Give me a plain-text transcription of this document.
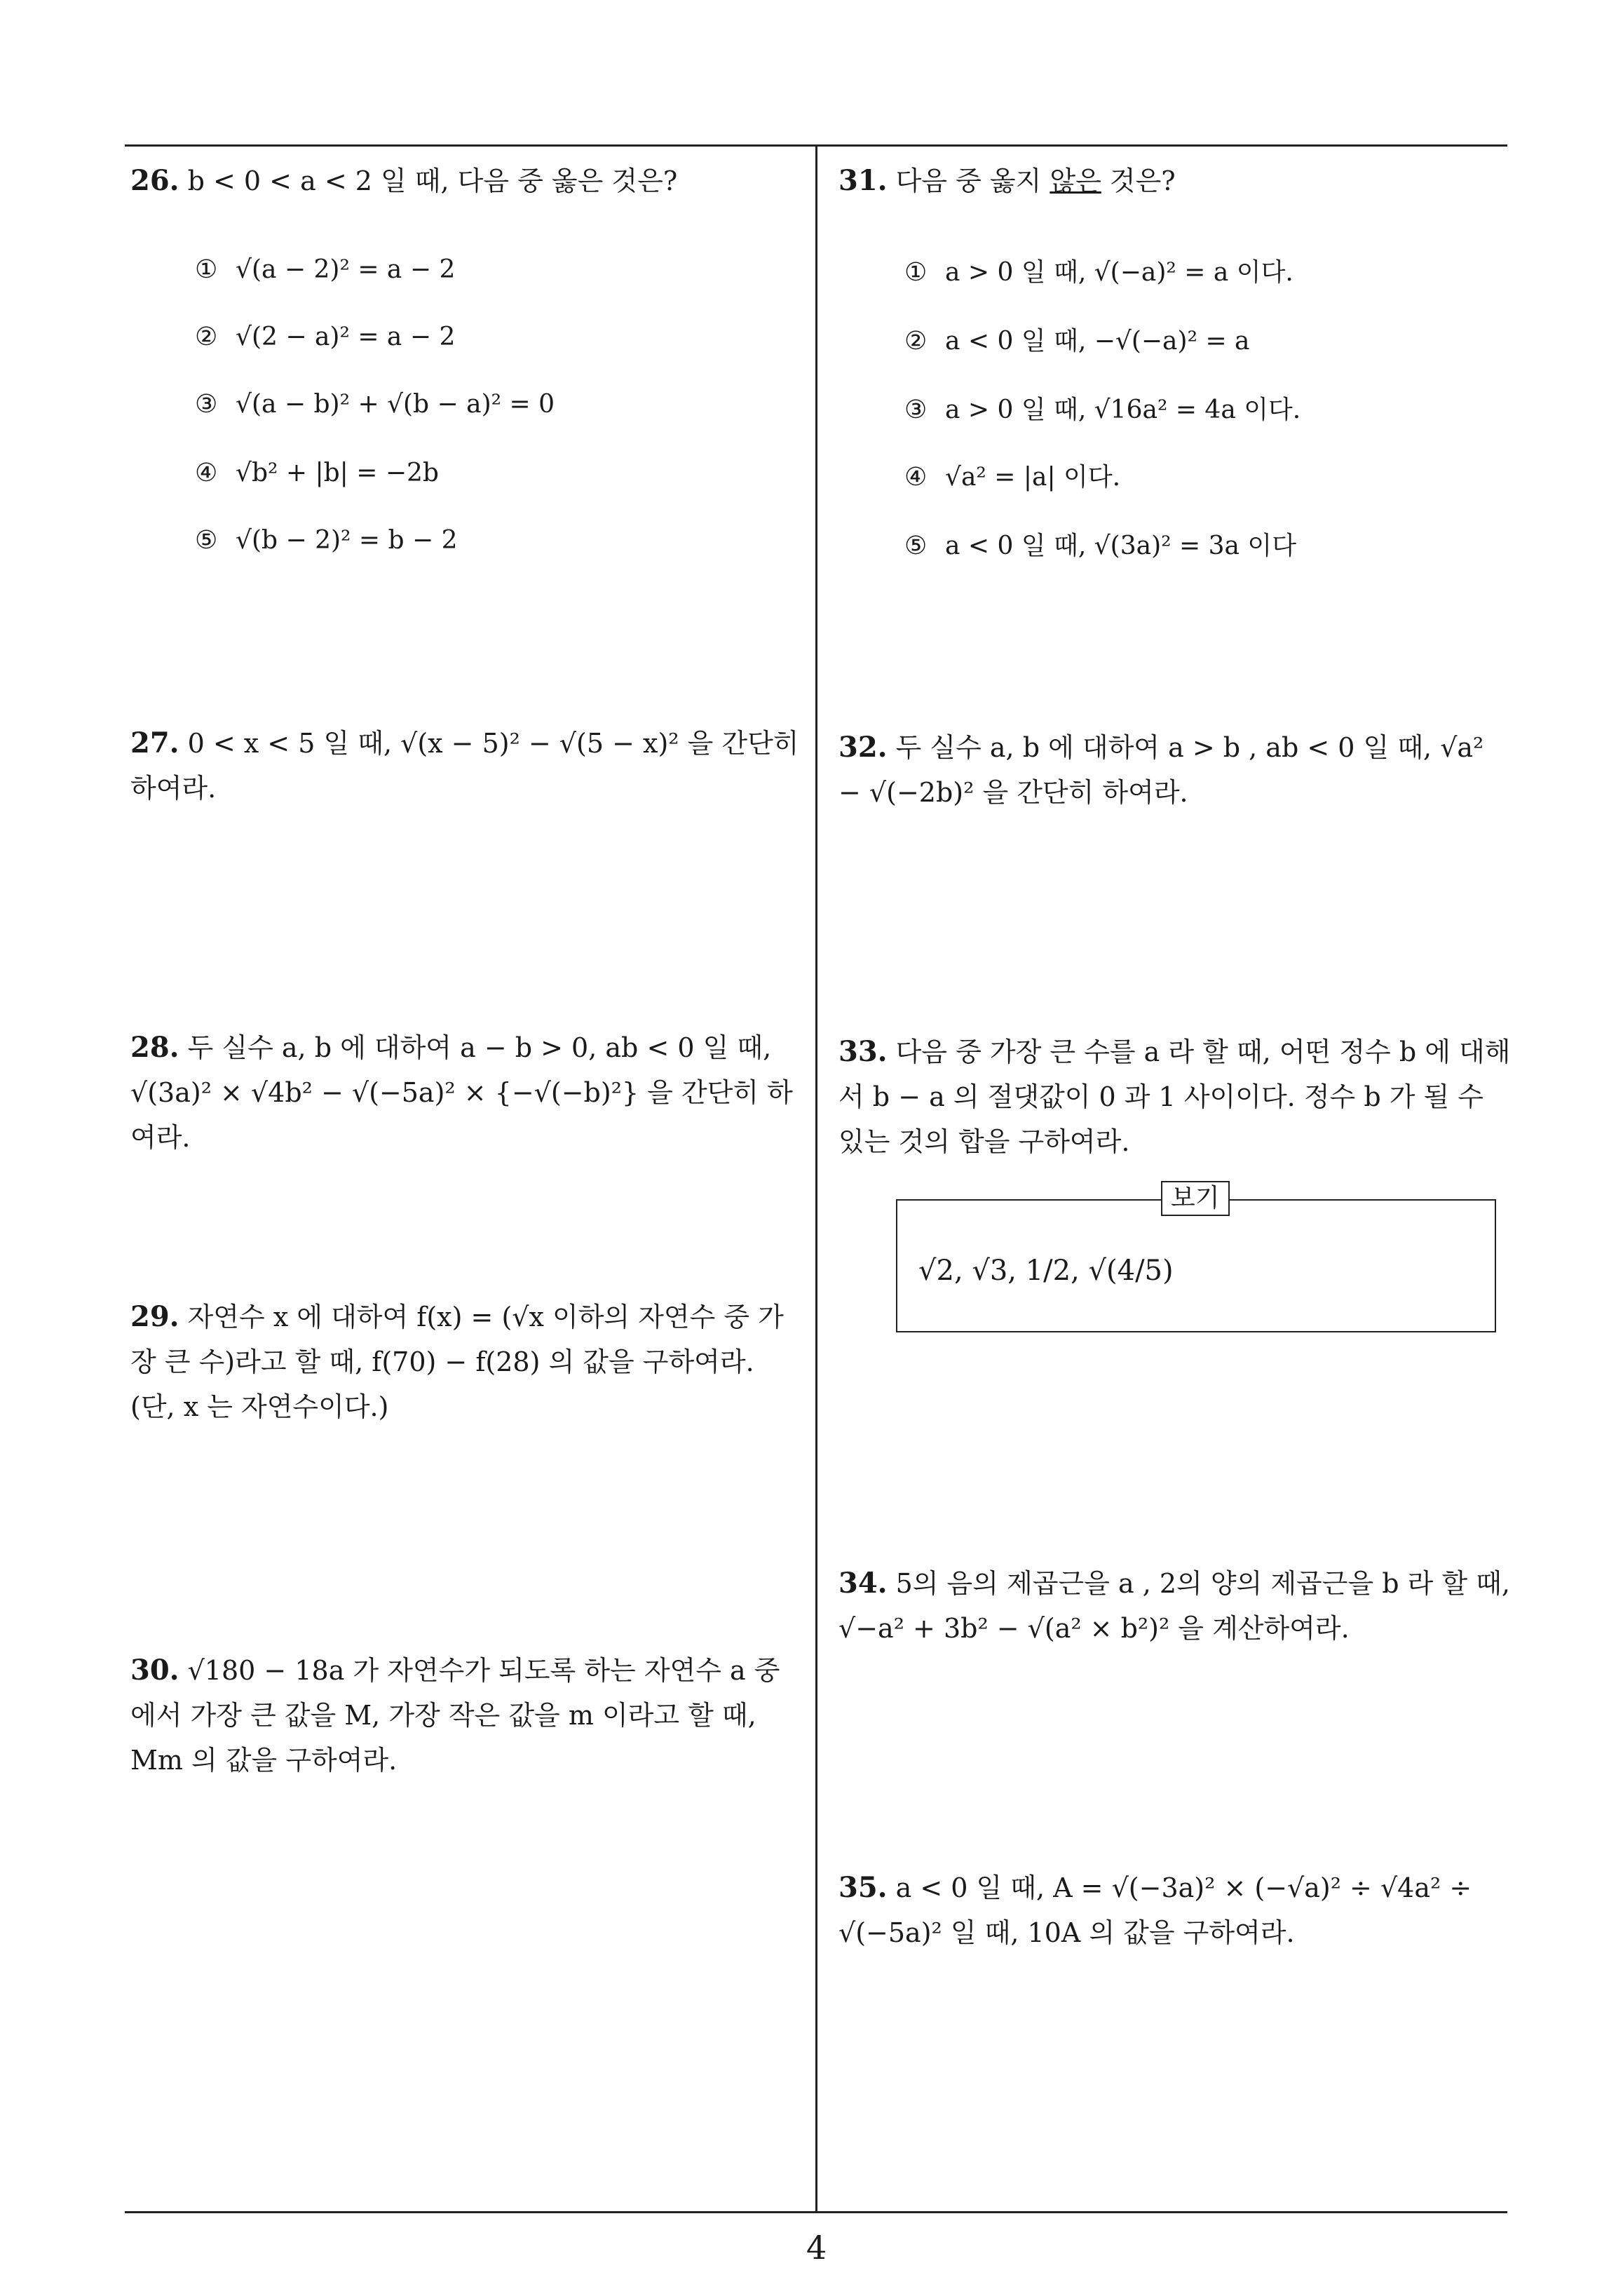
26. b < 0 < a < 2 일 때, 다음 중 옳은 것은?
① √(a − 2)² = a − 2
② √(2 − a)² = a − 2
③ √(a − b)² + √(b − a)² = 0
④ √b² + |b| = −2b
⑤ √(b − 2)² = b − 2
27. 0 < x < 5 일 때, √(x − 5)² − √(5 − x)² 을 간단히 하여라.
28. 두 실수 a, b 에 대하여 a − b > 0, ab < 0 일 때, √(3a)² × √4b² − √(−5a)² × {−√(−b)²} 을 간단히 하여라.
29. 자연수 x 에 대하여 f(x) = (√x 이하의 자연수 중 가장 큰 수)라고 할 때, f(70) − f(28) 의 값을 구하여라. (단, x 는 자연수이다.)
30. √180 − 18a 가 자연수가 되도록 하는 자연수 a 중에서 가장 큰 값을 M, 가장 작은 값을 m 이라고 할 때, Mm 의 값을 구하여라.
31. 다음 중 옳지 않은 것은?
① a > 0 일 때, √(−a)² = a 이다.
② a < 0 일 때, −√(−a)² = a
③ a > 0 일 때, √16a² = 4a 이다.
④ √a² = |a| 이다.
⑤ a < 0 일 때, √(3a)² = 3a 이다
32. 두 실수 a, b 에 대하여 a > b , ab < 0 일 때, √a² − √(−2b)² 을 간단히 하여라.
33. 다음 중 가장 큰 수를 a 라 할 때, 어떤 정수 b 에 대해서 b − a 의 절댓값이 0 과 1 사이이다. 정수 b 가 될 수 있는 것의 합을 구하여라.
√2, √3, 1/2, √(4/5)
보기
34. 5의 음의 제곱근을 a , 2의 양의 제곱근을 b 라 할 때, √−a² + 3b² − √(a² × b²)² 을 계산하여라.
35. a < 0 일 때, A = √(−3a)² × (−√a)² ÷ √4a² ÷ √(−5a)² 일 때, 10A 의 값을 구하여라.
4
